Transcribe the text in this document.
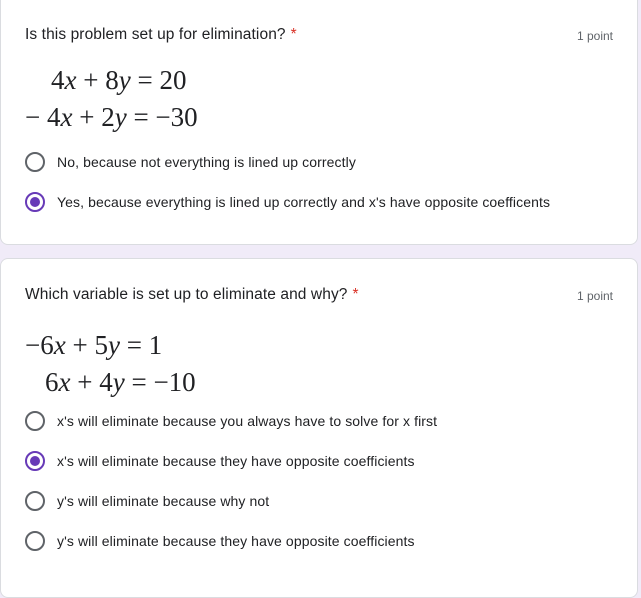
Is this problem set up for elimination? *	1 point
4x + 8y = 20
− 4x + 2y = −30
No, because not everything is lined up correctly
Yes, because everything is lined up correctly and x's have opposite coefficents
Which variable is set up to eliminate and why? *	1 point
−6x + 5y = 1
6x + 4y = −10
x's will eliminate because you always have to solve for x first
x's will eliminate because they have opposite coefficients
y's will eliminate because why not
y's will eliminate because they have opposite coefficients
